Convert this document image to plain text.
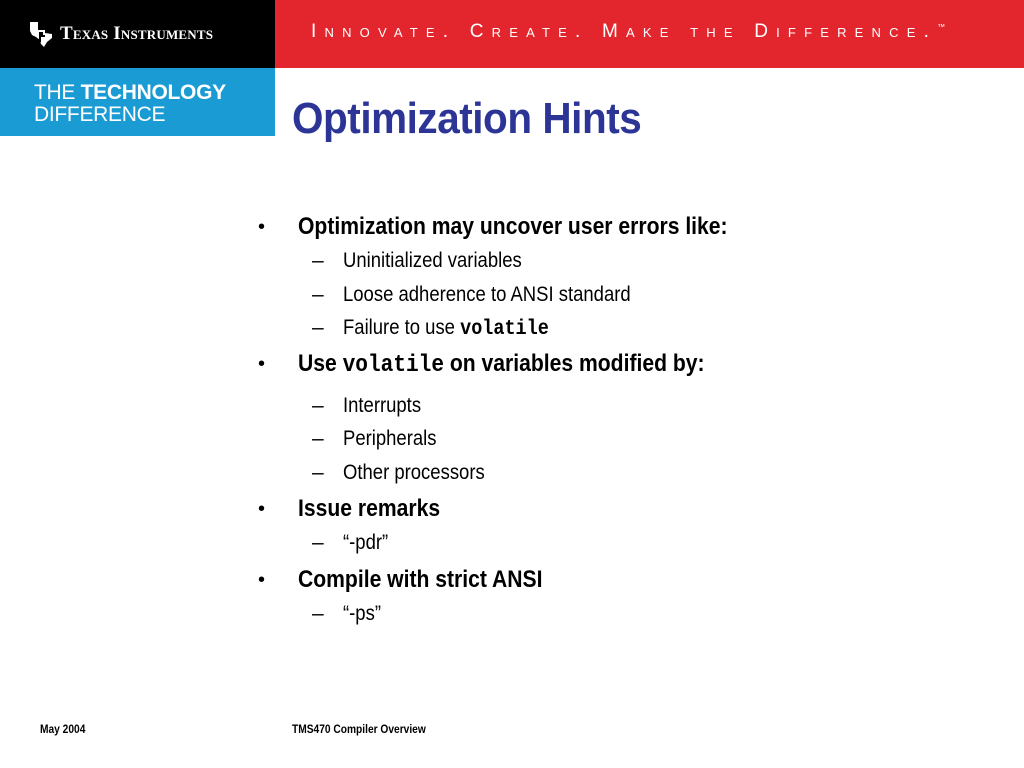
Texas Instruments	Innovate. Create. Make the Difference.™
THE TECHNOLOGY
DIFFERENCE	Optimization Hints
• Optimization may uncover user errors like:
– Uninitialized variables
– Loose adherence to ANSI standard
– Failure to use volatile
• Use volatile on variables modified by:
– Interrupts
– Peripherals
– Other processors
• Issue remarks
– “-pdr”
• Compile with strict ANSI
– “-ps”
May 2004	TMS470 Compiler Overview
